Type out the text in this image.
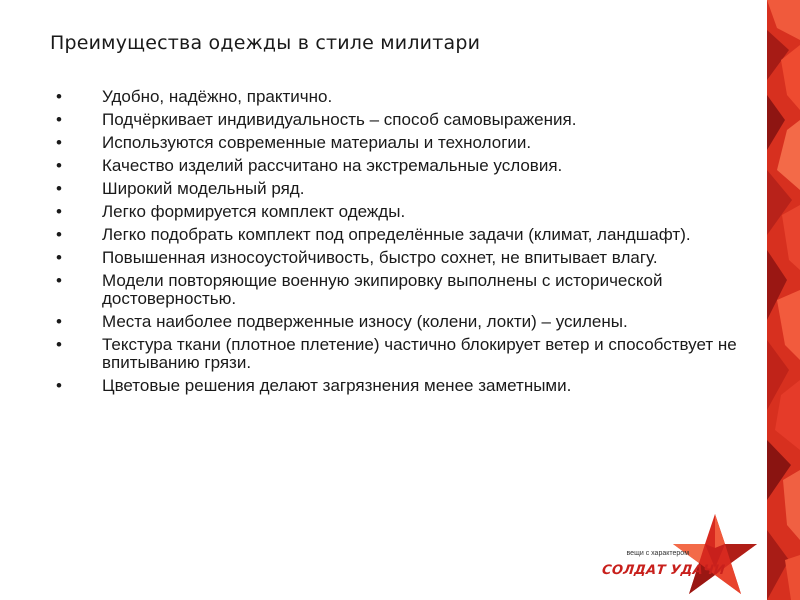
Преимущества одежды в стиле милитари
•	Удобно, надёжно, практично.
•	Подчёркивает индивидуальность – способ самовыражения.
•	Используются современные материалы и технологии.
•	Качество изделий рассчитано на экстремальные условия.
•	Широкий модельный ряд.
•	Легко формируется комплект одежды.
•	Легко подобрать комплект под определённые задачи (климат, ландшафт).
•	Повышенная износоустойчивость, быстро сохнет, не впитывает влагу.
•	Модели повторяющие военную экипировку выполнены с исторической достоверностью.
•	Места наиболее подверженные износу (колени, локти) – усилены.
•	Текстура ткани (плотное плетение) частично блокирует ветер и способствует не впитыванию грязи.
•	Цветовые решения делают загрязнения менее заметными.
вещи с характером
СОЛДАТ УДАЧИ
